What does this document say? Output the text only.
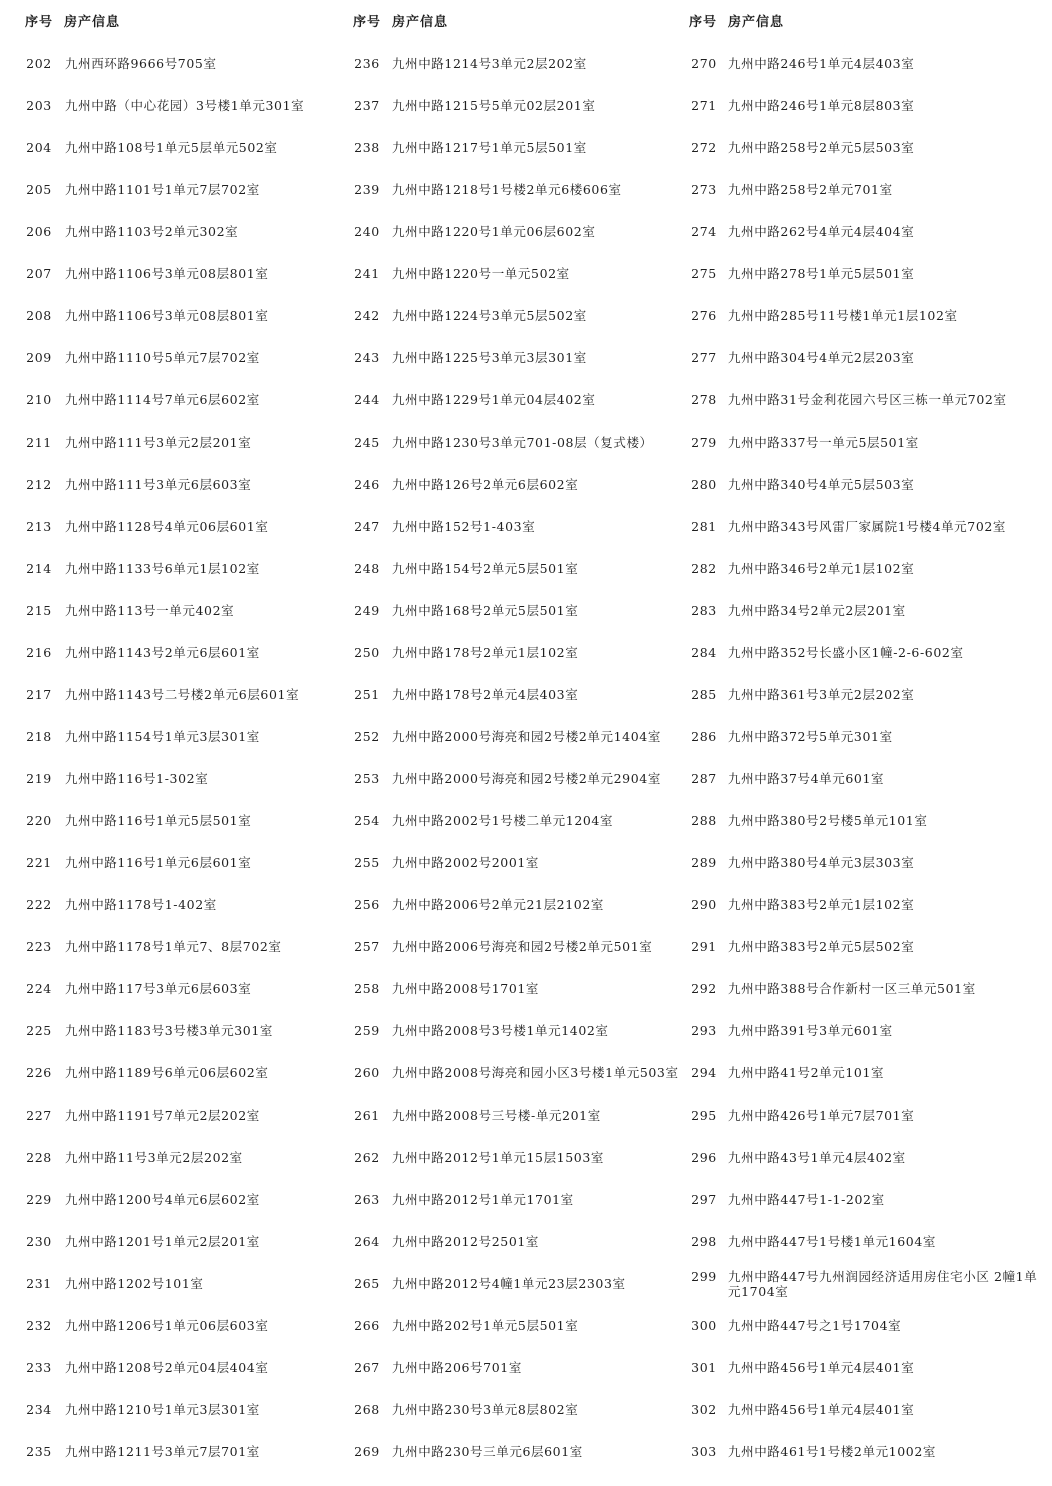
序号 房产信息
202	九州西环路9666号705室
203	九州中路（中心花园）3号楼1单元301室
204	九州中路108号1单元5层单元502室
205	九州中路1101号1单元7层702室
206	九州中路1103号2单元302室
207	九州中路1106号3单元08层801室
208	九州中路1106号3单元08层801室
209	九州中路1110号5单元7层702室
210	九州中路1114号7单元6层602室
211	九州中路111号3单元2层201室
212	九州中路111号3单元6层603室
213	九州中路1128号4单元06层601室
214	九州中路1133号6单元1层102室
215	九州中路113号一单元402室
216	九州中路1143号2单元6层601室
217	九州中路1143号二号楼2单元6层601室
218	九州中路1154号1单元3层301室
219	九州中路116号1-302室
220	九州中路116号1单元5层501室
221	九州中路116号1单元6层601室
222	九州中路1178号1-402室
223	九州中路1178号1单元7、8层702室
224	九州中路117号3单元6层603室
225	九州中路1183号3号楼3单元301室
226	九州中路1189号6单元06层602室
227	九州中路1191号7单元2层202室
228	九州中路11号3单元2层202室
229	九州中路1200号4单元6层602室
230	九州中路1201号1单元2层201室
231	九州中路1202号101室
232	九州中路1206号1单元06层603室
233	九州中路1208号2单元04层404室
234	九州中路1210号1单元3层301室
235	九州中路1211号3单元7层701室
序号 房产信息
236 九州中路1214号3单元2层202室
237 九州中路1215号5单元02层201室
238 九州中路1217号1单元5层501室
239 九州中路1218号1号楼2单元6楼606室
240 九州中路1220号1单元06层602室
241 九州中路1220号一单元502室
242 九州中路1224号3单元5层502室
243 九州中路1225号3单元3层301室
244 九州中路1229号1单元04层402室
245 九州中路1230号3单元701-08层（复式楼）
246 九州中路126号2单元6层602室
247 九州中路152号1-403室
248 九州中路154号2单元5层501室
249 九州中路168号2单元5层501室
250 九州中路178号2单元1层102室
251 九州中路178号2单元4层403室
252 九州中路2000号海亮和园2号楼2单元1404室
253 九州中路2000号海亮和园2号楼2单元2904室
254 九州中路2002号1号楼二单元1204室
255 九州中路2002号2001室
256 九州中路2006号2单元21层2102室
257 九州中路2006号海亮和园2号楼2单元501室
258 九州中路2008号1701室
259 九州中路2008号3号楼1单元1402室
260 九州中路2008号海亮和园小区3号楼1单元503室
261 九州中路2008号三号楼-单元201室
262 九州中路2012号1单元15层1503室
263 九州中路2012号1单元1701室
264 九州中路2012号2501室
265 九州中路2012号4幢1单元23层2303室
266 九州中路202号1单元5层501室
267 九州中路206号701室
268 九州中路230号3单元8层802室
269 九州中路230号三单元6层601室
序号 房产信息
270 九州中路246号1单元4层403室
271 九州中路246号1单元8层803室
272 九州中路258号2单元5层503室
273 九州中路258号2单元701室
274 九州中路262号4单元4层404室
275 九州中路278号1单元5层501室
276 九州中路285号11号楼1单元1层102室
277 九州中路304号4单元2层203室
278 九州中路31号金利花园六号区三栋一单元702室
279 九州中路337号一单元5层501室
280 九州中路340号4单元5层503室
281 九州中路343号风雷厂家属院1号楼4单元702室
282 九州中路346号2单元1层102室
283 九州中路34号2单元2层201室
284 九州中路352号长盛小区1幢-2-6-602室
285 九州中路361号3单元2层202室
286 九州中路372号5单元301室
287 九州中路37号4单元601室
288 九州中路380号2号楼5单元101室
289 九州中路380号4单元3层303室
290 九州中路383号2单元1层102室
291 九州中路383号2单元5层502室
292 九州中路388号合作新村一区三单元501室
293 九州中路391号3单元601室
294 九州中路41号2单元101室
295 九州中路426号1单元7层701室
296 九州中路43号1单元4层402室
297 九州中路447号1-1-202室
298 九州中路447号1号楼1单元1604室
299 九州中路447号九州润园经济适用房住宅小区 2幢1单元1704室
300 九州中路447号之1号1704室
301 九州中路456号1单元4层401室
302 九州中路456号1单元4层401室
303 九州中路461号1号楼2单元1002室
